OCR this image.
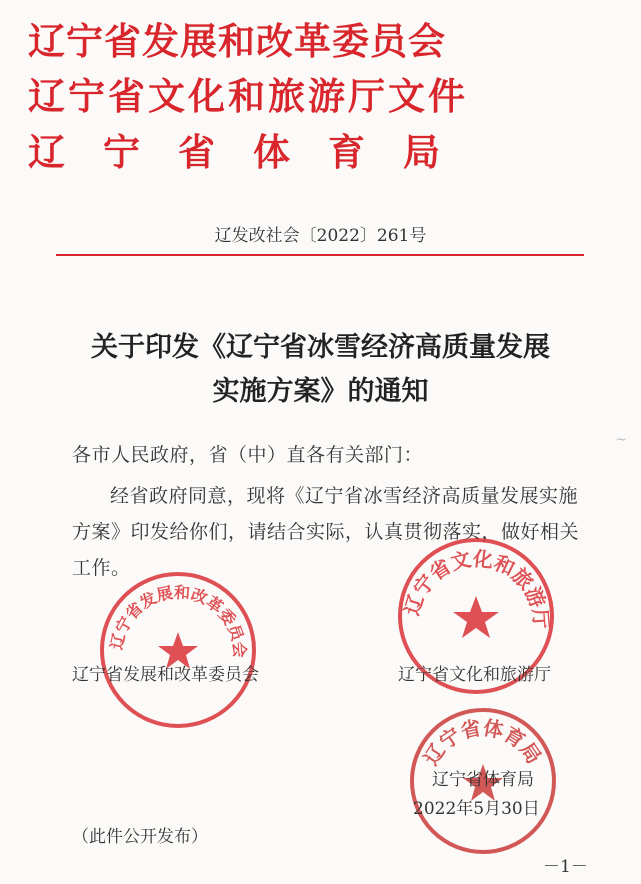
辽宁省发展和改革委员会
辽宁省文化和旅游厅文件
辽宁省体育局
辽发改社会〔2022〕261号
关于印发《辽宁省冰雪经济高质量发展
实施方案》的通知
~
各市人民政府，省（中）直各有关部门：
经省政府同意，现将《辽宁省冰雪经济高质量发展实施
方案》印发给你们，请结合实际，认真贯彻落实，做好相关
工作。
辽宁省发展和改革委员会
辽宁省文化和旅游厅
辽宁省体育局
辽宁省发展和改革委员会	辽宁省文化和旅游厅
辽宁省体育局
2022年5月30日
（此件公开发布）
－1－
